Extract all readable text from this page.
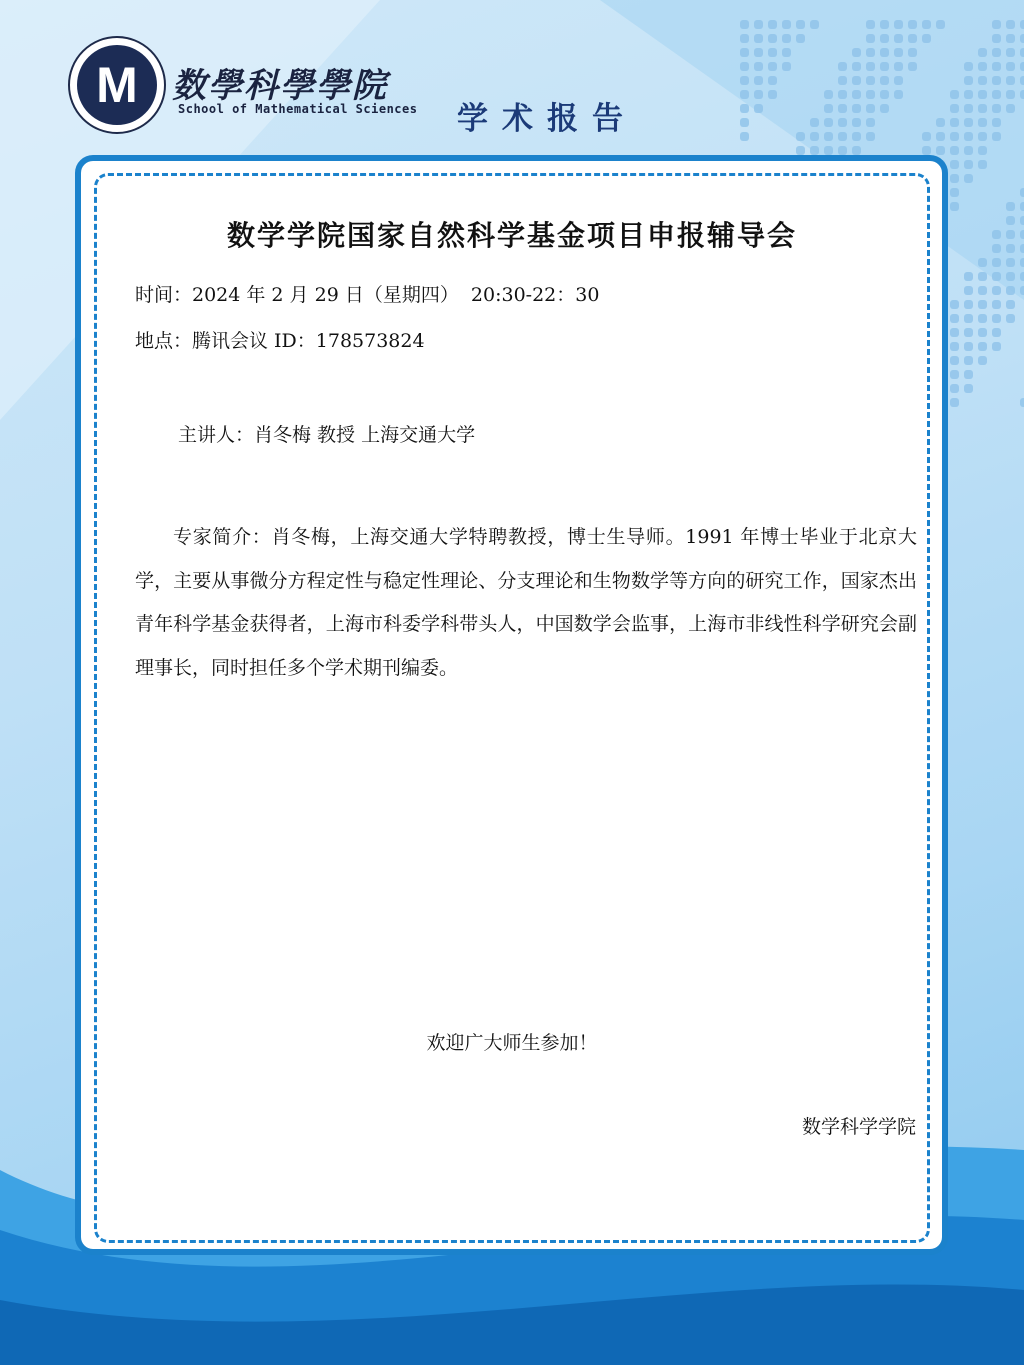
M	数學科學學院
School of Mathematical Sciences 学术报告
数学学院国家自然科学基金项目申报辅导会
时间：2024 年 2 月 29 日（星期四）  20:30-22：30
地点：腾讯会议 ID：178573824
主讲人：肖冬梅 教授 上海交通大学
专家简介：肖冬梅，上海交通大学特聘教授，博士生导师。1991 年博士毕业于北京大学，主要从事微分方程定性与稳定性理论、分支理论和生物数学等方向的研究工作，国家杰出青年科学基金获得者，上海市科委学科带头人，中国数学会监事，上海市非线性科学研究会副理事长，同时担任多个学术期刊编委。
欢迎广大师生参加！
数学科学学院
